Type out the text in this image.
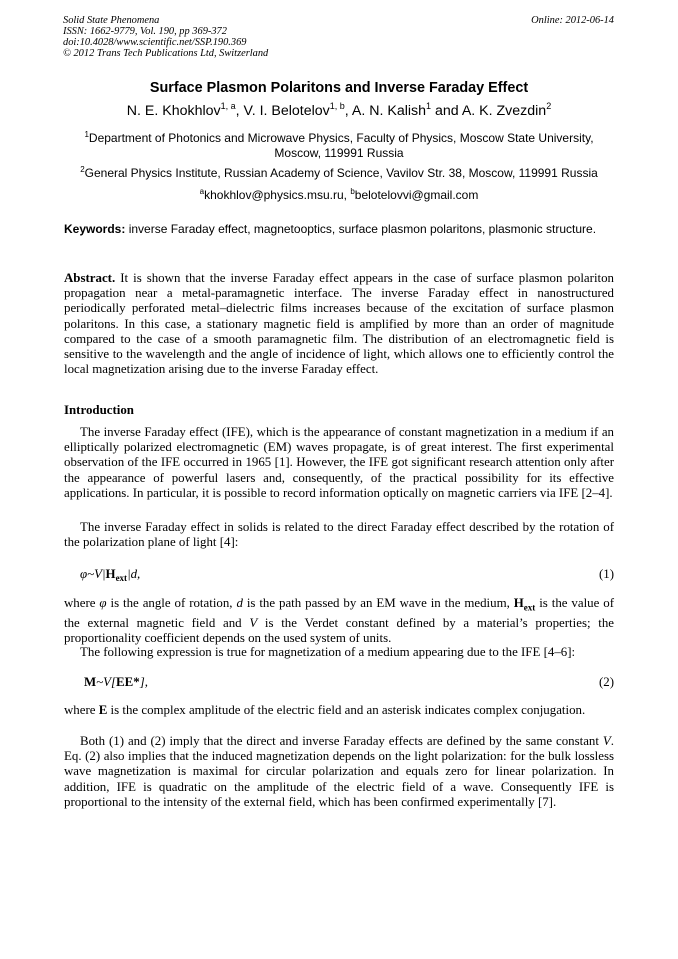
Solid State Phenomena
ISSN: 1662-9779, Vol. 190, pp 369-372
doi:10.4028/www.scientific.net/SSP.190.369
© 2012 Trans Tech Publications Ltd, Switzerland
Online: 2012-06-14
Surface Plasmon Polaritons and Inverse Faraday Effect
N. E. Khokhlov$^{1, a}$, V. I. Belotelov$^{1, b}$, A. N. Kalish$^1$ and A. K. Zvezdin$^2$
$^1$Department of Photonics and Microwave Physics, Faculty of Physics, Moscow State University, Moscow, 119991 Russia
$^2$General Physics Institute, Russian Academy of Science, Vavilov Str. 38, Moscow, 119991 Russia
$^a$khokhlov@physics.msu.ru, $^b$belotelovvi@gmail.com
Keywords: inverse Faraday effect, magnetooptics, surface plasmon polaritons, plasmonic structure.
Abstract. It is shown that the inverse Faraday effect appears in the case of surface plasmon polariton propagation near a metal-paramagnetic interface. The inverse Faraday effect in nanostructured periodically perforated metal–dielectric films increases because of the excitation of surface plasmon polaritons. In this case, a stationary magnetic field is amplified by more than an order of magnitude compared to the case of a smooth paramagnetic film. The distribution of an electromagnetic field is sensitive to the wavelength and the angle of incidence of light, which allows one to efficiently control the local magnetization arising due to the inverse Faraday effect.
Introduction
The inverse Faraday effect (IFE), which is the appearance of constant magnetization in a medium if an elliptically polarized electromagnetic (EM) waves propagate, is of great interest. The first experimental observation of the IFE occurred in 1965 [1]. However, the IFE got significant research attention only after the appearance of powerful lasers and, consequently, of the practical possibility for its effective applications. In particular, it is possible to record information optically on magnetic carriers via IFE [2–4].
The inverse Faraday effect in solids is related to the direct Faraday effect described by the rotation of the polarization plane of light [4]:
$\varphi\sim V|H_{ext}|d$,	(1)
where φ is the angle of rotation, d is the path passed by an EM wave in the medium, $H_{ext}$ is the value of the external magnetic field and V is the Verdet constant defined by a material’s properties; the proportionality coefficient depends on the used system of units.
The following expression is true for magnetization of a medium appearing due to the IFE [4–6]:
M~V[EE*],	(2)
where E is the complex amplitude of the electric field and an asterisk indicates complex conjugation.
Both (1) and (2) imply that the direct and inverse Faraday effects are defined by the same constant V. Eq. (2) also implies that the induced magnetization depends on the light polarization: for the bulk lossless wave magnetization is maximal for circular polarization and equals zero for linear polarization. In addition, IFE is quadratic on the amplitude of the electric field of a wave. Consequently IFE is proportional to the intensity of the external field, which has been confirmed experimentally [7].
